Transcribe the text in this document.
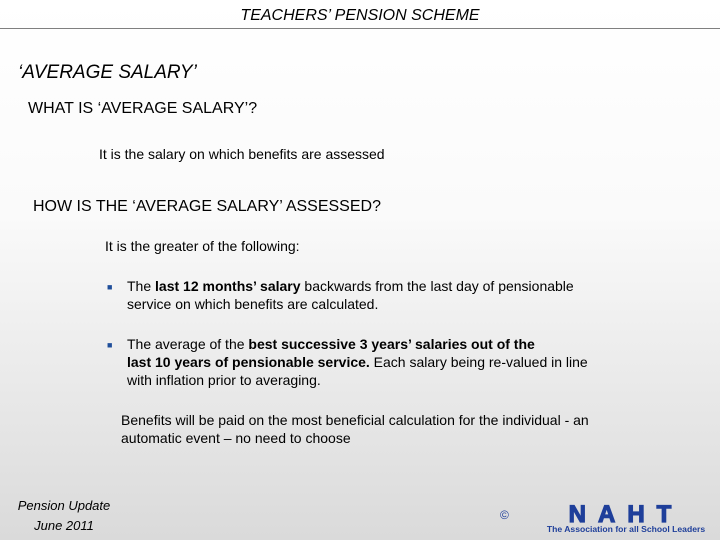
TEACHERS’ PENSION SCHEME
‘AVERAGE SALARY’
WHAT IS ‘AVERAGE SALARY’?
It is the salary on which benefits are assessed
HOW IS THE ‘AVERAGE SALARY’ ASSESSED?
It is the greater of the following:
■ The last 12 months’ salary backwards from the last day of pensionable
service on which benefits are calculated.
■ The average of the best successive 3 years’ salaries out of the
last 10 years of pensionable service. Each salary being re-valued in line
with inflation prior to averaging.
Benefits will be paid on the most beneficial calculation for the individual - an
automatic event – no need to choose
Pension Update
June 2011
© NAHT
The Association for all School Leaders
